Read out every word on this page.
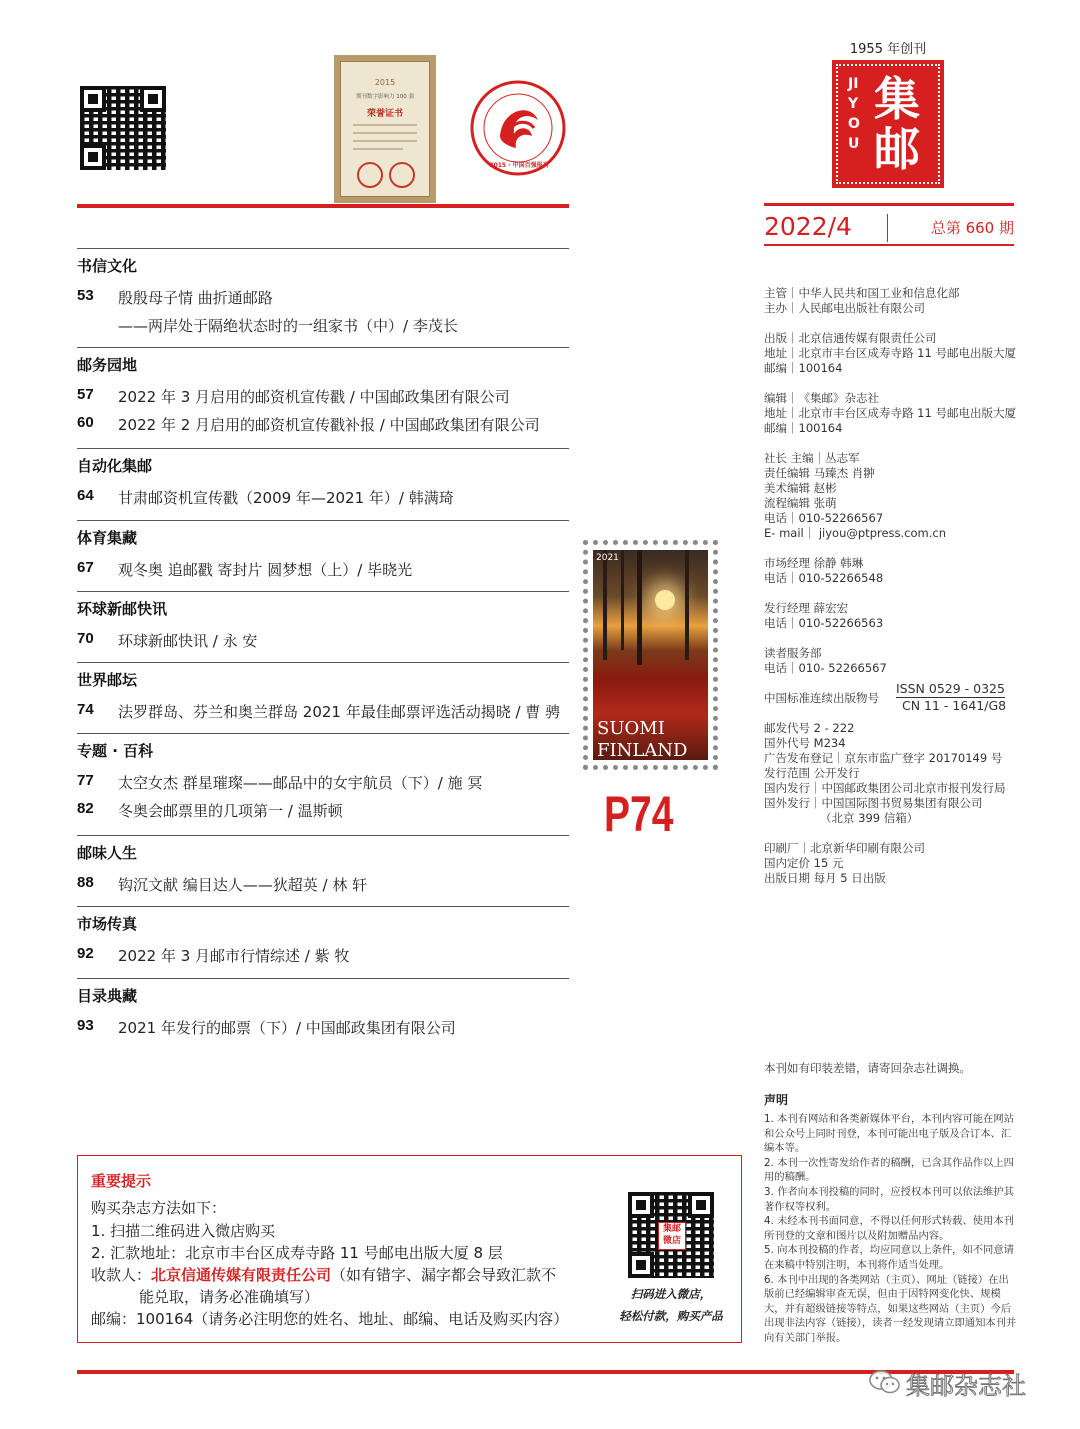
2015
期刊数字影响力 100 强
荣誉证书
2015 · 中国百强报刊
1955 年创刊
JIYOU
集邮
2022/4	总第 660 期
书信文化
53 殷殷母子情 曲折通邮路
——两岸处于隔绝状态时的一组家书（中）/ 李茂长
邮务园地
57 2022 年 3 月启用的邮资机宣传戳 / 中国邮政集团有限公司
60 2022 年 2 月启用的邮资机宣传戳补报 / 中国邮政集团有限公司
自动化集邮
64 甘肃邮资机宣传戳（2009 年—2021 年）/ 韩满琦
体育集藏
67 观冬奥 追邮戳 寄封片 圆梦想（上）/ 毕晓光
环球新邮快讯
70 环球新邮快讯 / 永 安
世界邮坛
74 法罗群岛、芬兰和奥兰群岛 2021 年最佳邮票评选活动揭晓 / 曹 骋
专题 · 百科
77 太空女杰 群星璀璨——邮品中的女宇航员（下）/ 施 冥
82 冬奥会邮票里的几项第一 / 温斯顿
邮味人生
88 钩沉文献 编目达人——狄超英 / 林 轩
市场传真
92 2022 年 3 月邮市行情综述 / 紫 牧
目录典藏
93 2021 年发行的邮票（下）/ 中国邮政集团有限公司
2021
SUOMI
FINLAND
P74
主管｜中华人民共和国工业和信息化部
主办｜人民邮电出版社有限公司
出版｜北京信通传媒有限责任公司
地址｜北京市丰台区成寿寺路 11 号邮电出版大厦
邮编｜100164
编辑｜《集邮》杂志社
地址｜北京市丰台区成寿寺路 11 号邮电出版大厦
邮编｜100164
社长 主编｜丛志军
责任编辑 马臻杰 肖翀
美术编辑 赵彬
流程编辑 张萌
电话｜010-52266567
E- mail｜ jiyou@ptpress.com.cn
市场经理 徐静 韩琳
电话｜010-52266548
发行经理 薛宏宏
电话｜010-52266563
读者服务部
电话｜010- 52266567
中国标准连续出版物号
ISSN 0529 - 0325
CN 11 - 1641/G8
邮发代号 2 - 222
国外代号 M234
广告发布登记｜京东市监广登字 20170149 号
发行范围 公开发行
国内发行｜中国邮政集团公司北京市报刊发行局
国外发行｜中国国际图书贸易集团有限公司
（北京 399 信箱）
印刷厂｜北京新华印刷有限公司
国内定价 15 元
出版日期 每月 5 日出版
本刊如有印装差错，请寄回杂志社调换。
声明

1. 本刊有网站和各类新媒体平台，本刊内容可能在网站和公众号上同时刊登，本刊可能出电子版及合订本、汇编本等。

2. 本刊一次性寄发给作者的稿酬，已含其作品作以上四用的稿酬。

3. 作者向本刊投稿的同时，应授权本刊可以依法维护其著作权等权利。

4. 未经本刊书面同意，不得以任何形式转载、使用本刊所刊登的文章和图片以及附加赠品内容。

5. 向本刊投稿的作者，均应同意以上条件，如不同意请在来稿中特别注明，本刊将作适当处理。

6. 本刊中出现的各类网站（主页）、网址（链接）在出版前已经编辑审查无误，但由于因特网变化快、规模大，并有超级链接等特点，如果这些网站（主页）今后出现非法内容（链接），读者一经发现请立即通知本刊并向有关部门举报。

重要提示
购买杂志方法如下：
1. 扫描二维码进入微店购买
2. 汇款地址：北京市丰台区成寿寺路 11 号邮电出版大厦 8 层
收款人：北京信通传媒有限责任公司（如有错字、漏字都会导致汇款不
能兑取，请务必准确填写）
邮编：100164（请务必注明您的姓名、地址、邮编、电话及购买内容）
集邮微店
扫码进入微店，
轻松付款，购买产品
集邮杂志社
